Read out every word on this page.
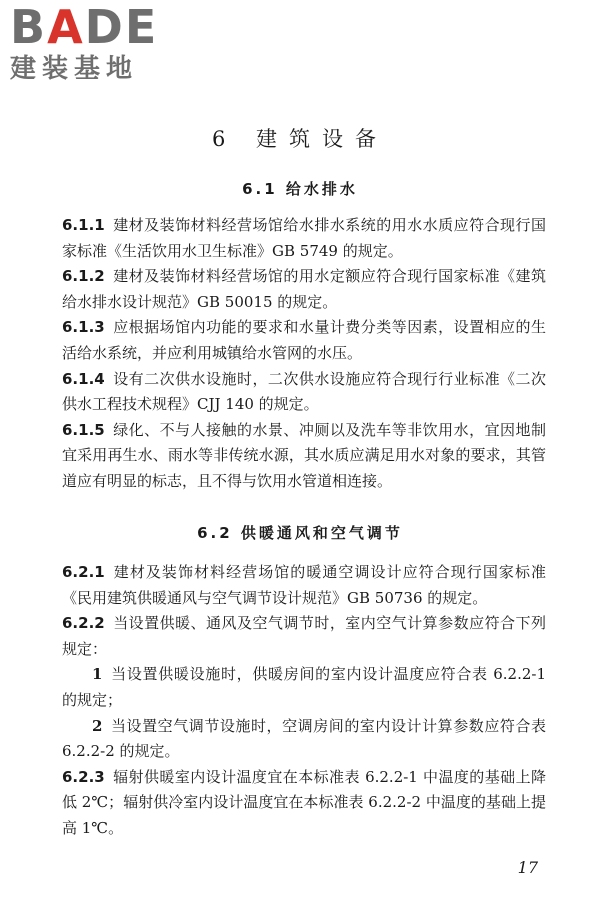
BADE
建装基地
6 建筑设备
6.1 给水排水

6.1.1 建材及装饰材料经营场馆给水排水系统的用水水质应符合现行国家标准《生活饮用水卫生标准》GB 5749 的规定。

6.1.2 建材及装饰材料经营场馆的用水定额应符合现行国家标准《建筑给水排水设计规范》GB 50015 的规定。

6.1.3 应根据场馆内功能的要求和水量计费分类等因素，设置相应的生活给水系统，并应利用城镇给水管网的水压。

6.1.4 设有二次供水设施时，二次供水设施应符合现行行业标准《二次供水工程技术规程》CJJ 140 的规定。

6.1.5 绿化、不与人接触的水景、冲厕以及洗车等非饮用水，宜因地制宜采用再生水、雨水等非传统水源，其水质应满足用水对象的要求，其管道应有明显的标志，且不得与饮用水管道相连接。

6.2 供暖通风和空气调节

6.2.1 建材及装饰材料经营场馆的暖通空调设计应符合现行国家标准《民用建筑供暖通风与空气调节设计规范》GB 50736 的规定。

6.2.2 当设置供暖、通风及空气调节时，室内空气计算参数应符合下列规定：

1 当设置供暖设施时，供暖房间的室内设计温度应符合表 6.2.2-1 的规定；

2 当设置空气调节设施时，空调房间的室内设计计算参数应符合表 6.2.2-2 的规定。

6.2.3 辐射供暖室内设计温度宜在本标准表 6.2.2-1 中温度的基础上降低 2℃；辐射供冷室内设计温度宜在本标准表 6.2.2-2 中温度的基础上提高 1℃。

17
